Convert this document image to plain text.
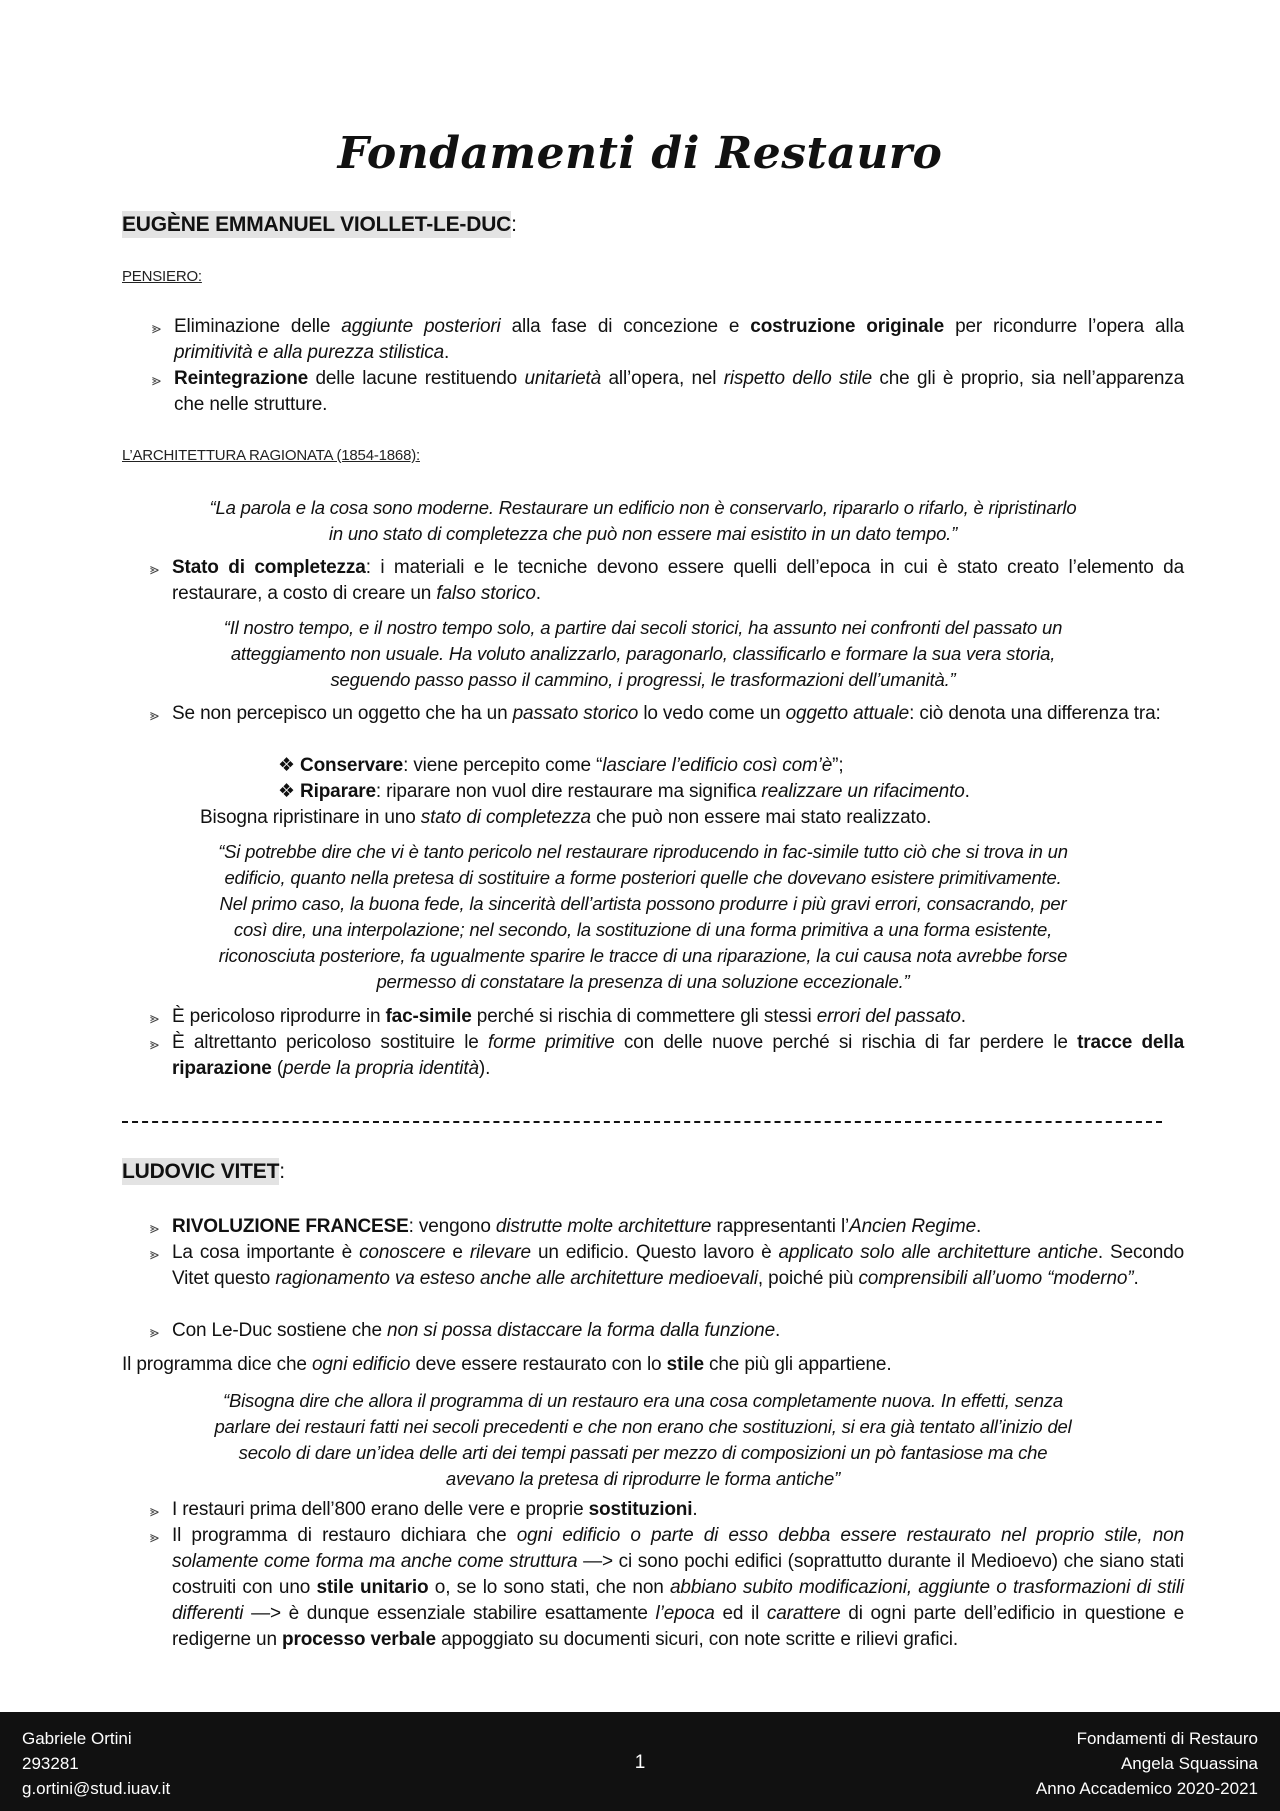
Fondamenti di Restauro
EUGÈNE EMMANUEL VIOLLET-LE-DUC:
PENSIERO:
⪢ Eliminazione delle aggiunte posteriori alla fase di concezione e costruzione originale per ricondurre l’opera alla primitività e alla purezza stilistica.
⪢ Reintegrazione delle lacune restituendo unitarietà all’opera, nel rispetto dello stile che gli è proprio, sia nell’apparenza che nelle strutture.
L’ARCHITETTURA RAGIONATA (1854-1868):
“La parola e la cosa sono moderne. Restaurare un edificio non è conservarlo, ripararlo o rifarlo, è ripristinarlo
in uno stato di completezza che può non essere mai esistito in un dato tempo.”
⪢ Stato di completezza: i materiali e le tecniche devono essere quelli dell’epoca in cui è stato creato l’elemento da restaurare, a costo di creare un falso storico.
“Il nostro tempo, e il nostro tempo solo, a partire dai secoli storici, ha assunto nei confronti del passato un
atteggiamento non usuale. Ha voluto analizzarlo, paragonarlo, classificarlo e formare la sua vera storia,
seguendo passo passo il cammino, i progressi, le trasformazioni dell’umanità.”
⪢ Se non percepisco un oggetto che ha un passato storico lo vedo come un oggetto attuale: ciò denota una differenza tra:
❖ Conservare: viene percepito come “lasciare l’edificio così com’è”;
❖ Riparare: riparare non vuol dire restaurare ma significa realizzare un rifacimento.
Bisogna ripristinare in uno stato di completezza che può non essere mai stato realizzato.
“Si potrebbe dire che vi è tanto pericolo nel restaurare riproducendo in fac-simile tutto ciò che si trova in un
edificio, quanto nella pretesa di sostituire a forme posteriori quelle che dovevano esistere primitivamente.
Nel primo caso, la buona fede, la sincerità dell’artista possono produrre i più gravi errori, consacrando, per
così dire, una interpolazione; nel secondo, la sostituzione di una forma primitiva a una forma esistente,
riconosciuta posteriore, fa ugualmente sparire le tracce di una riparazione, la cui causa nota avrebbe forse
permesso di constatare la presenza di una soluzione eccezionale.”
⪢ È pericoloso riprodurre in fac-simile perché si rischia di commettere gli stessi errori del passato.
⪢ È altrettanto pericoloso sostituire le forme primitive con delle nuove perché si rischia di far perdere le tracce della riparazione (perde la propria identità).
LUDOVIC VITET:
⪢ RIVOLUZIONE FRANCESE: vengono distrutte molte architetture rappresentanti l’Ancien Regime.
⪢ La cosa importante è conoscere e rilevare un edificio. Questo lavoro è applicato solo alle architetture antiche. Secondo Vitet questo ragionamento va esteso anche alle architetture medioevali, poiché più comprensibili all’uomo “moderno”.
⪢ Con Le-Duc sostiene che non si possa distaccare la forma dalla funzione.
Il programma dice che ogni edificio deve essere restaurato con lo stile che più gli appartiene.
“Bisogna dire che allora il programma di un restauro era una cosa completamente nuova. In effetti, senza
parlare dei restauri fatti nei secoli precedenti e che non erano che sostituzioni, si era già tentato all’inizio del
secolo di dare un’idea delle arti dei tempi passati per mezzo di composizioni un pò fantasiose ma che
avevano la pretesa di riprodurre le forma antiche”
⪢ I restauri prima dell’800 erano delle vere e proprie sostituzioni.
⪢ Il programma di restauro dichiara che ogni edificio o parte di esso debba essere restaurato nel proprio stile, non solamente come forma ma anche come struttura —> ci sono pochi edifici (soprattutto durante il Medioevo) che siano stati costruiti con uno stile unitario o, se lo sono stati, che non abbiano subito modificazioni, aggiunte o trasformazioni di stili differenti —> è dunque essenziale stabilire esattamente l’epoca ed il carattere di ogni parte dell’edificio in questione e redigerne un processo verbale appoggiato su documenti sicuri, con note scritte e rilievi grafici.
Gabriele Ortini
293281
g.ortini@stud.iuav.it
1
Fondamenti di Restauro
Angela Squassina
Anno Accademico 2020-2021
